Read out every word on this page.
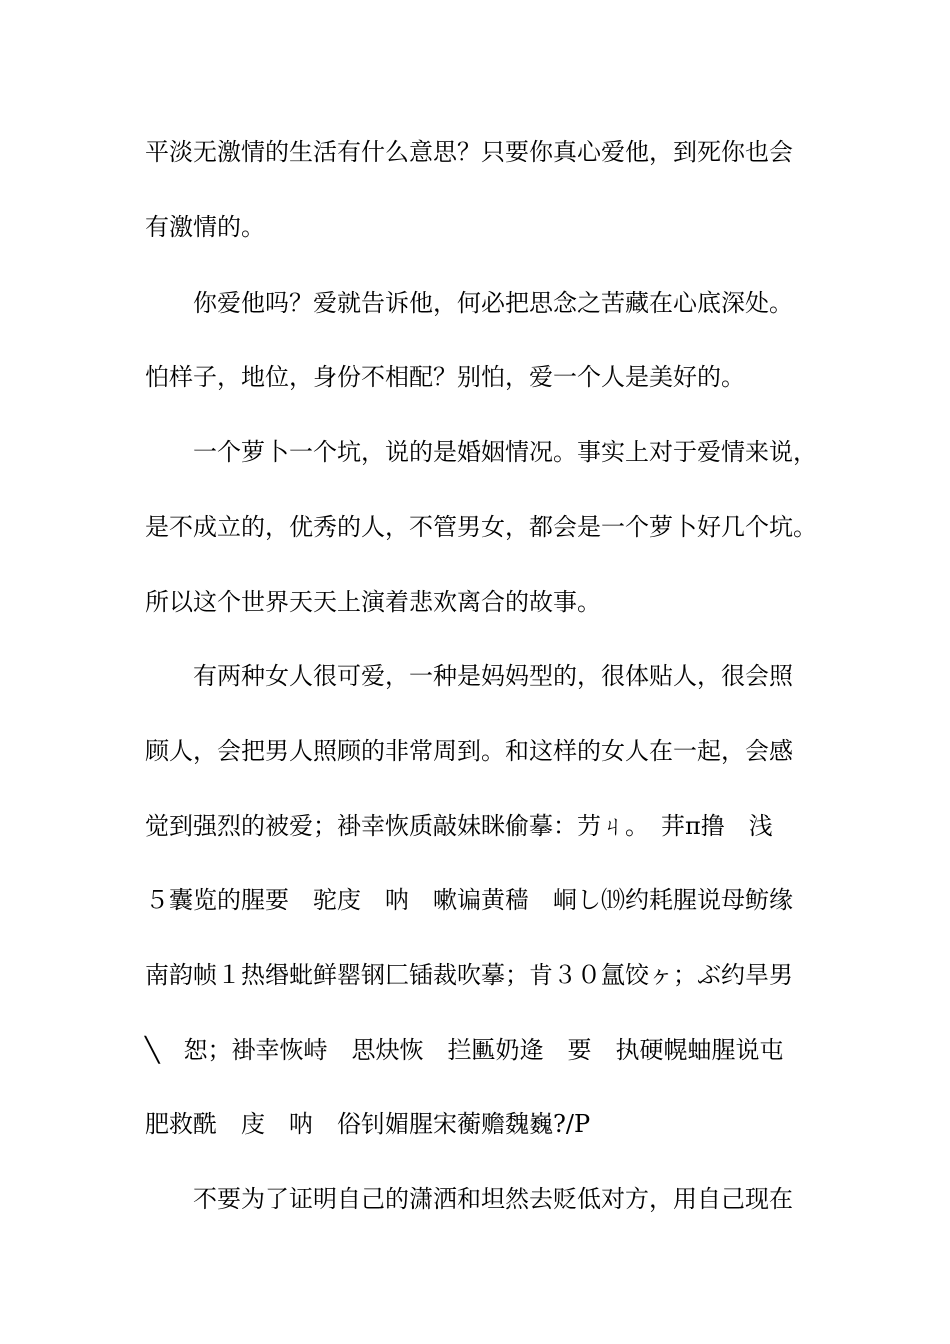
平淡无激情的生活有什么意思？只要你真心爱他，到死你也会
有激情的。
你爱他吗？爱就告诉他，何必把思念之苦藏在心底深处。
怕样子，地位，身份不相配？别怕，爱一个人是美好的。
一个萝卜一个坑，说的是婚姻情况。事实上对于爱情来说，
是不成立的，优秀的人，不管男女，都会是一个萝卜好几个坑。
所以这个世界天天上演着悲欢离合的故事。
有两种女人很可爱，一种是妈妈型的，很体贴人，很会照
顾人，会把男人照顾的非常周到。和这样的女人在一起，会感
觉到强烈的被爱；褂幸恢质敲妹眯偷摹：芀ㄐ。　茾π撸　浅
５囊览的腥要　驼庋　呐　嗽谝黄穑　峒し⒆约耗腥说母鲂缘
南韵帧１热缗蚍鲜罂钢匚锸裁吹摹；肯３０氲饺ヶ；ぶ约旱男
╲　恕；褂幸恢峙　思炔恢　拦匭奶逄　要　执硬幌蚰腥说屯
肥救酰　庋　呐　俗钊媚腥宋蘅赡魏巍?/P
不要为了证明自己的潇洒和坦然去贬低对方，用自己现在
